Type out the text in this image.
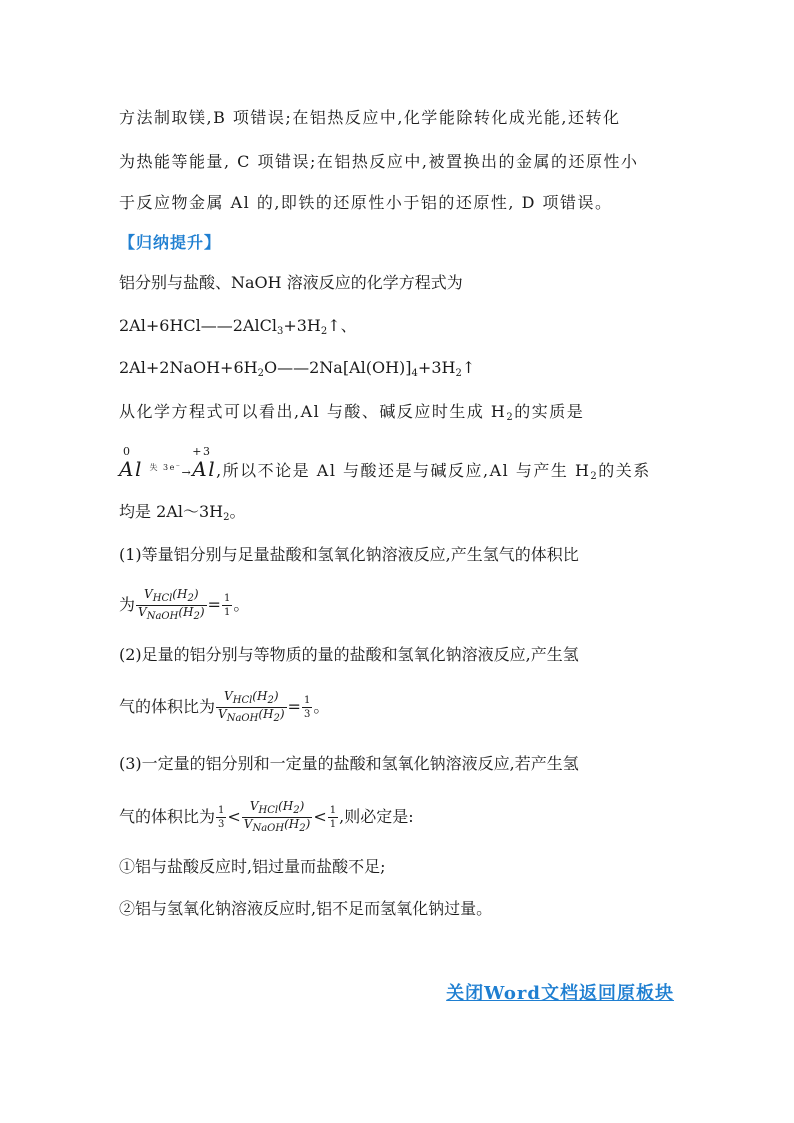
方法制取镁,B 项错误;在铝热反应中,化学能除转化成光能,还转化
为热能等能量, C 项错误;在铝热反应中,被置换出的金属的还原性小
于反应物金属 Al 的,即铁的还原性小于铝的还原性, D 项错误。
【归纳提升】
铝分别与盐酸、NaOH 溶液反应的化学方程式为
$2Al+6HCl——2AlCl_3+3H_2↑$、
$2Al+2NaOH+6H_2O——2Na[Al(OH)]_4+3H_2↑$
从化学方程式可以看出,Al 与酸、碱反应时生成 $H_2$的实质是
0
Al 失 3e⁻→
+3
Al,所以不论是 Al 与酸还是与碱反应,Al 与产生 $H_2$的关系
均是 $2Al\sim 3H_2$。
(1)等量铝分别与足量盐酸和氢氧化钠溶液反应,产生氢气的体积比
为 $\frac{V_{HCl}(H_2)}{V_{NaOH}(H_2)} = \frac{1}{1}$ 。
(2)足量的铝分别与等物质的量的盐酸和氢氧化钠溶液反应,产生氢
气的体积比为 $\frac{V_{HCl}(H_2)}{V_{NaOH}(H_2)} = \frac{1}{3}$ 。
(3)一定量的铝分别和一定量的盐酸和氢氧化钠溶液反应,若产生氢
气的体积比为 $\frac{1}{3} < \frac{V_{HCl}(H_2)}{V_{NaOH}(H_2)} < \frac{1}{1}$ ,则必定是:
①铝与盐酸反应时,铝过量而盐酸不足;
②铝与氢氧化钠溶液反应时,铝不足而氢氧化钠过量。
关闭Word文档返回原板块
